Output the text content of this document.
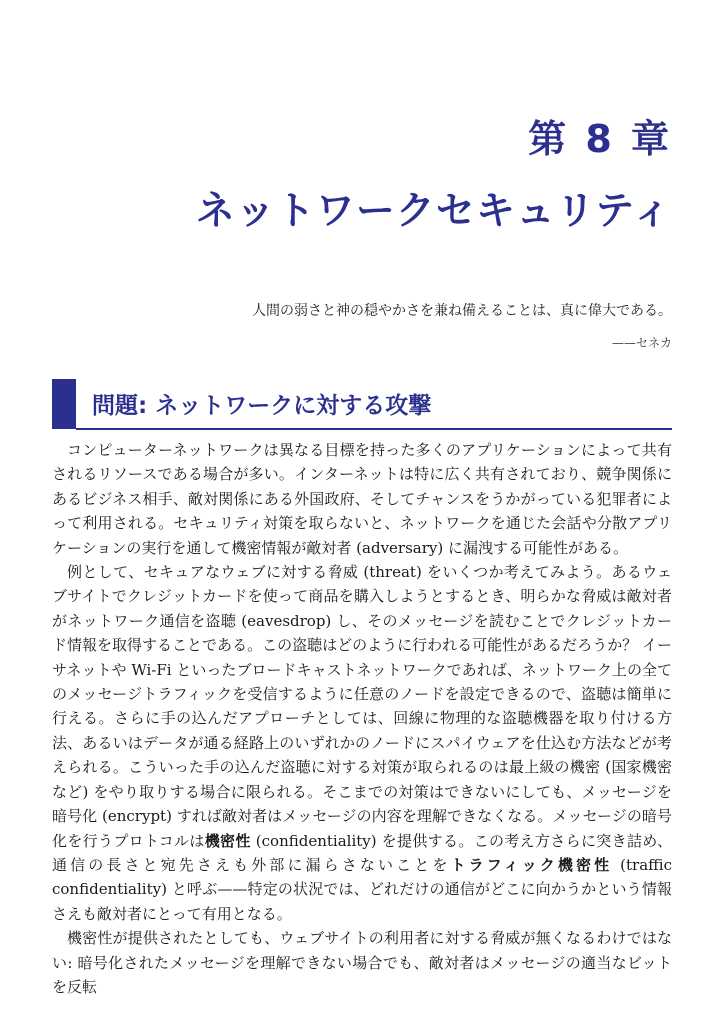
第 8 章
ネットワークセキュリティ
人間の弱さと神の穏やかさを兼ね備えることは、真に偉大である。
——セネカ
問題: ネットワークに対する攻撃

コンピューターネットワークは異なる目標を持った多くのアプリケーションによって共有されるリソースである場合が多い。インターネットは特に広く共有されており、競争関係にあるビジネス相手、敵対関係にある外国政府、そしてチャンスをうかがっている犯罪者によって利用される。セキュリティ対策を取らないと、ネットワークを通じた会話や分散アプリケーションの実行を通して機密情報が敵対者 (adversary) に漏洩する可能性がある。

例として、セキュアなウェブに対する脅威 (threat) をいくつか考えてみよう。あるウェブサイトでクレジットカードを使って商品を購入しようとするとき、明らかな脅威は敵対者がネットワーク通信を盗聴 (eavesdrop) し、そのメッセージを読むことでクレジットカード情報を取得することである。この盗聴はどのように行われる可能性があるだろうか？ イーサネットや Wi-Fi といったブロードキャストネットワークであれば、ネットワーク上の全てのメッセージトラフィックを受信するように任意のノードを設定できるので、盗聴は簡単に行える。さらに手の込んだアプローチとしては、回線に物理的な盗聴機器を取り付ける方法、あるいはデータが通る経路上のいずれかのノードにスパイウェアを仕込む方法などが考えられる。こういった手の込んだ盗聴に対する対策が取られるのは最上級の機密 (国家機密など) をやり取りする場合に限られる。そこまでの対策はできないにしても、メッセージを暗号化 (encrypt) すれば敵対者はメッセージの内容を理解できなくなる。メッセージの暗号化を行うプロトコルは機密性 (confidentiality) を提供する。この考え方さらに突き詰め、通信の長さと宛先さえも外部に漏らさないことをトラフィック機密性 (traffic confidentiality) と呼ぶ——特定の状況では、どれだけの通信がどこに向かうかという情報さえも敵対者にとって有用となる。

機密性が提供されたとしても、ウェブサイトの利用者に対する脅威が無くなるわけではない: 暗号化されたメッセージを理解できない場合でも、敵対者はメッセージの適当なビットを反転
